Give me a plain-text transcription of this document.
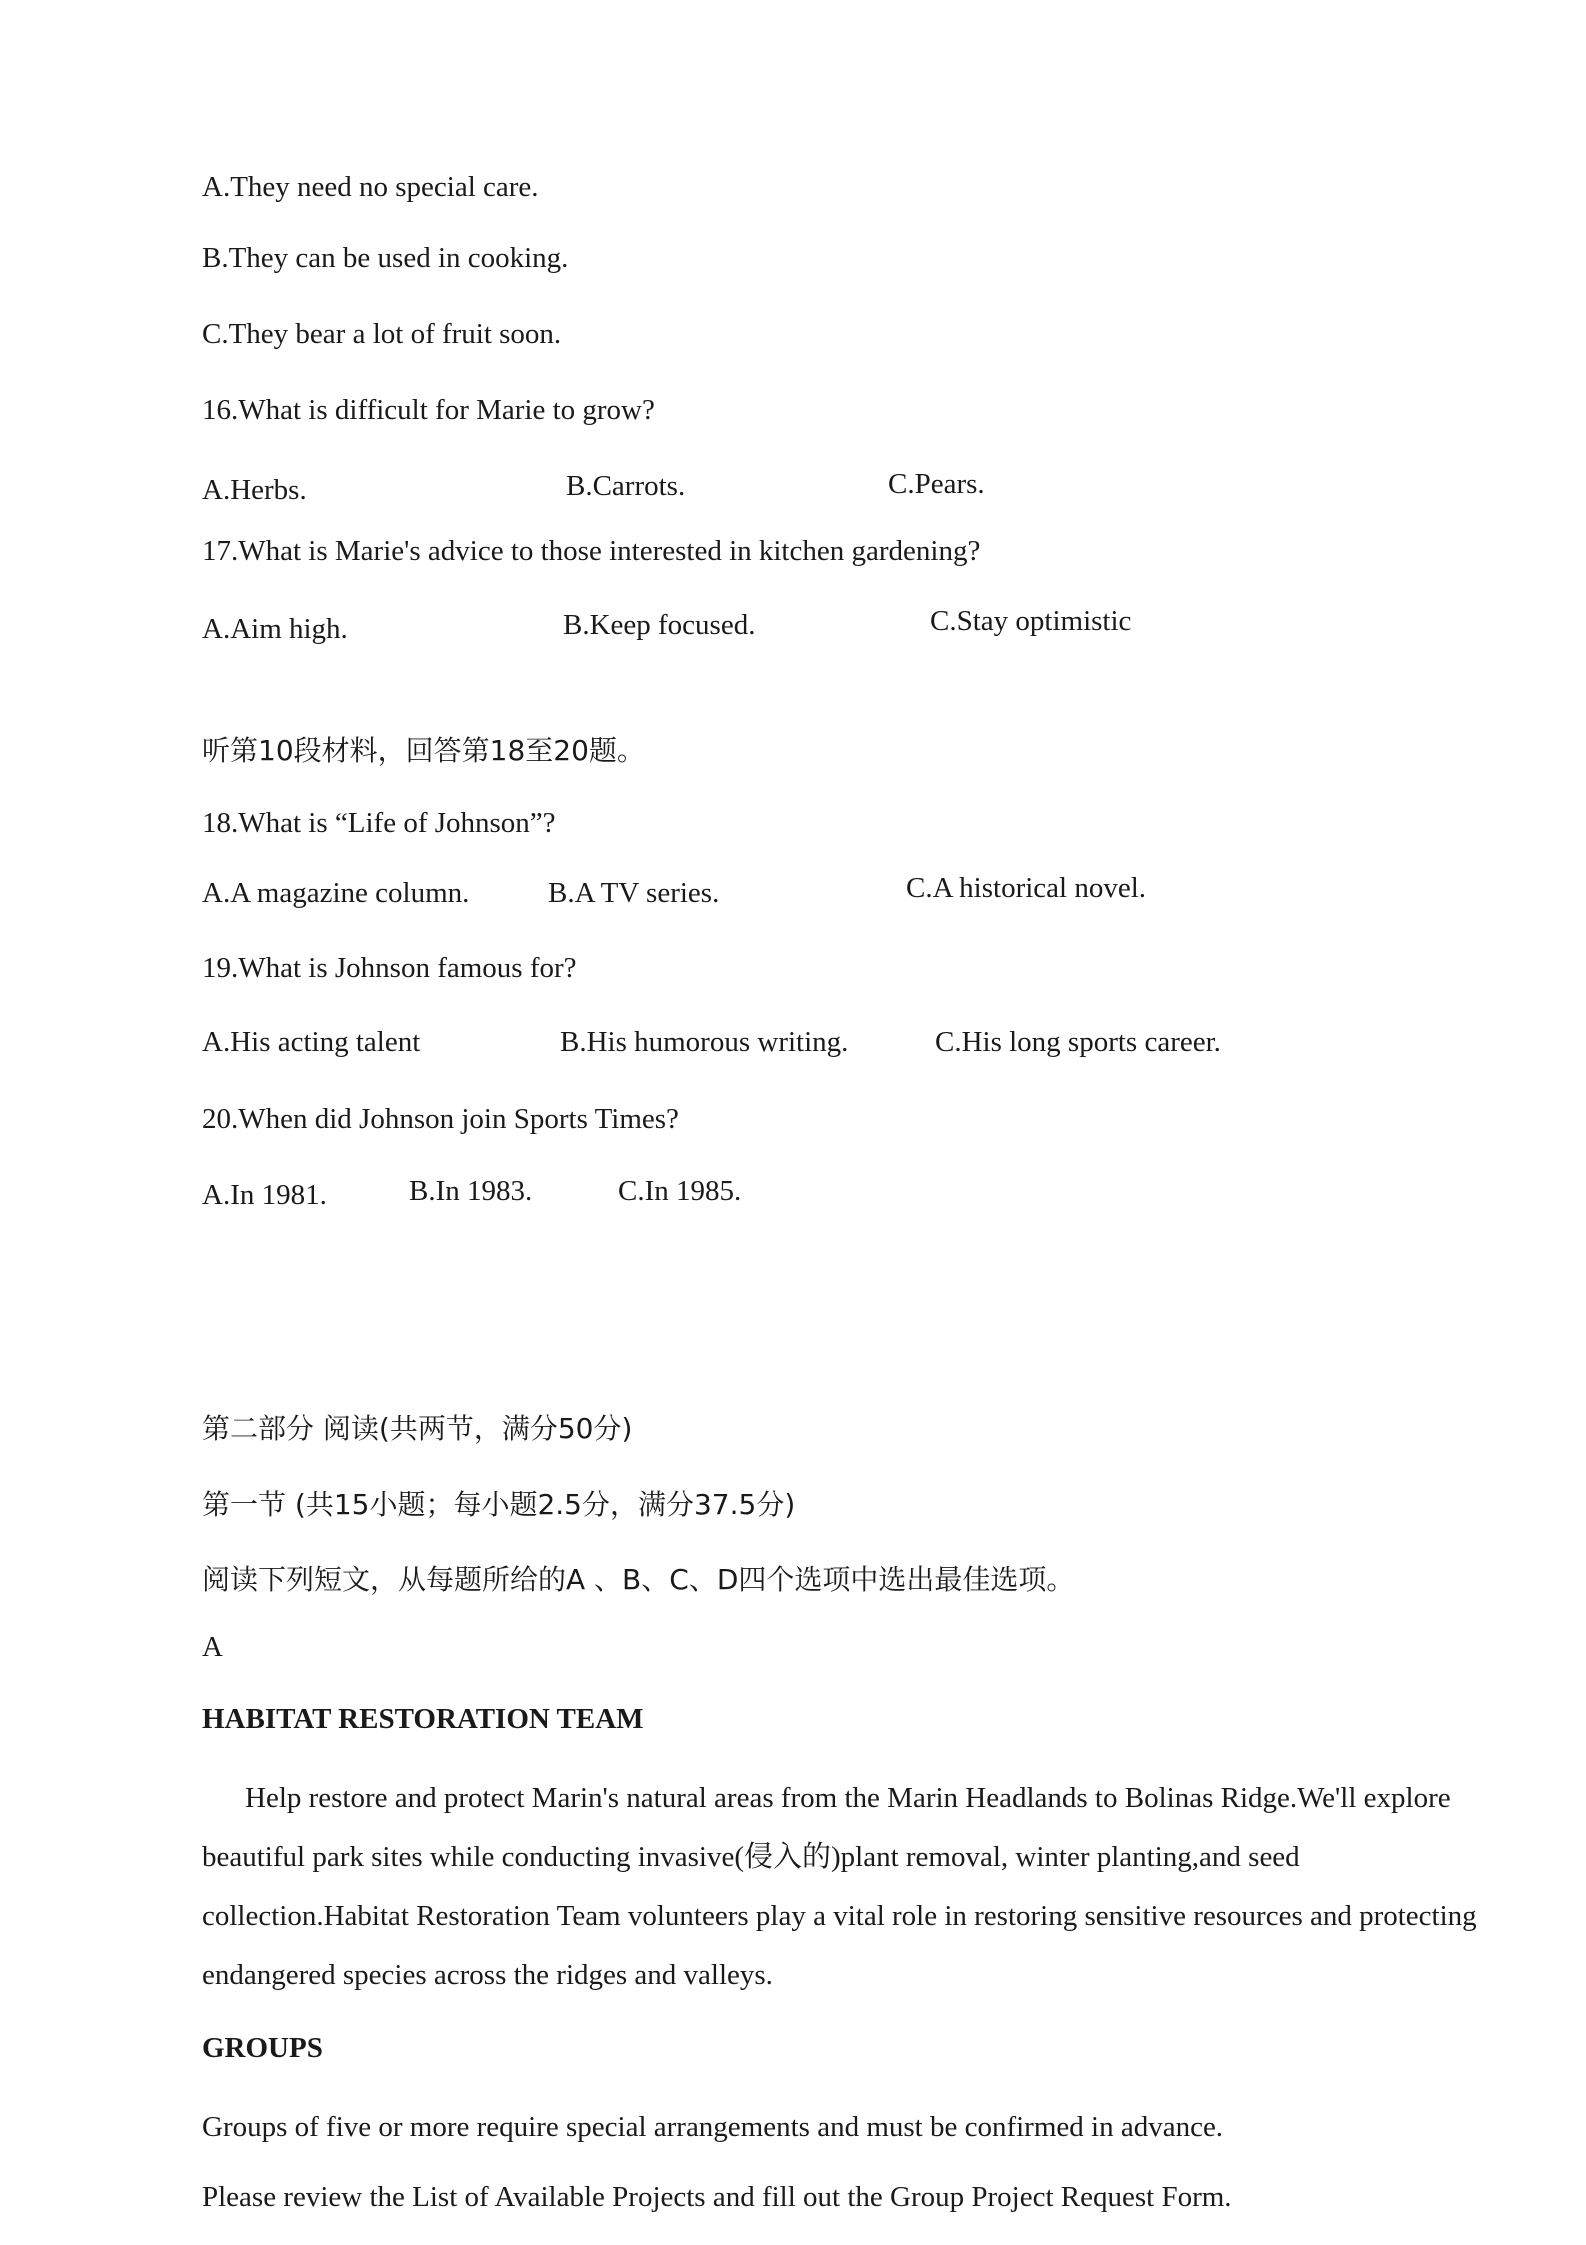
A.They need no special care.
B.They can be used in cooking.
C.They bear a lot of fruit soon.
16.What is difficult for Marie to grow?
A.Herbs.	B.Carrots.	C.Pears.
17.What is Marie's advice to those interested in kitchen gardening?
A.Aim high.	B.Keep focused.	C.Stay optimistic
听第10段材料，回答第18至20题。
18.What is “Life of Johnson”?
A.A magazine column.	B.A TV series.	C.A historical novel.
19.What is Johnson famous for?
A.His acting talent	B.His humorous writing.	C.His long sports career.
20.When did Johnson join Sports Times?
A.In 1981.	B.In 1983.	C.In 1985.
第二部分 阅读(共两节，满分50分)
第一节 (共15小题；每小题2.5分，满分37.5分)
阅读下列短文，从每题所给的A 、B、C、D四个选项中选出最佳选项。
A
HABITAT RESTORATION TEAM
Help restore and protect Marin's natural areas from the Marin Headlands to Bolinas Ridge.We'll explore beautiful park sites while conducting invasive(侵入的)plant removal, winter planting,and seed collection.Habitat Restoration Team volunteers play a vital role in restoring sensitive resources and protecting endangered species across the ridges and valleys.
GROUPS
Groups of five or more require special arrangements and must be confirmed in advance.
Please review the List of Available Projects and fill out the Group Project Request Form.
